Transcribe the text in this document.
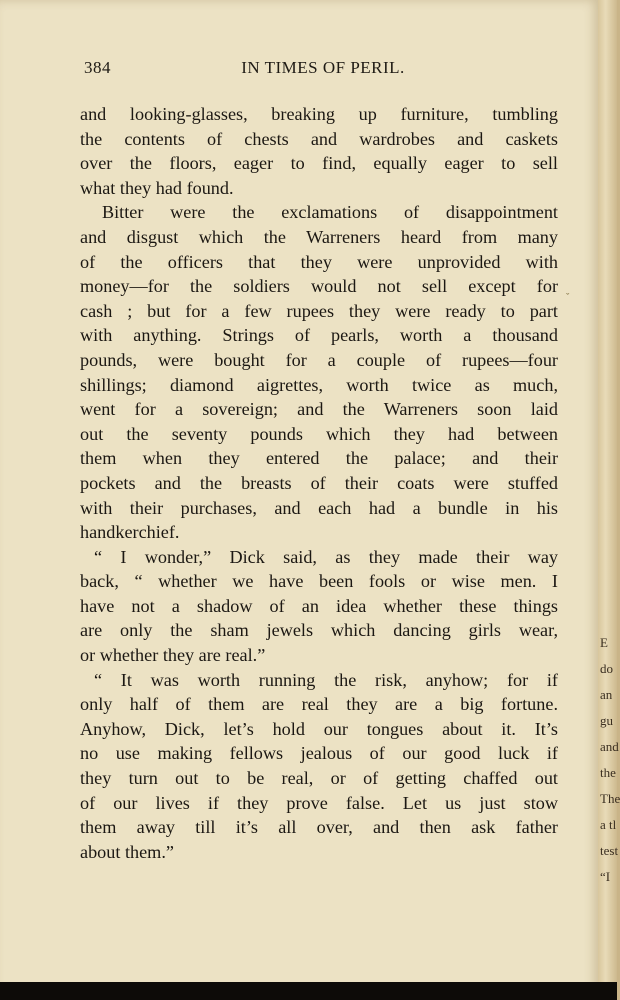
384	IN TIMES OF PERIL.
and looking-glasses, breaking up furniture, tumbling
the contents of chests and wardrobes and caskets
over the floors, eager to find, equally eager to sell
what they had found.
Bitter were the exclamations of disappointment
and disgust which the Warreners heard from many
of the officers that they were unprovided with
money—for the soldiers would not sell except for
cash ; but for a few rupees they were ready to part
with anything. Strings of pearls, worth a thousand
pounds, were bought for a couple of rupees—four
shillings; diamond aigrettes, worth twice as much,
went for a sovereign; and the Warreners soon laid
out the seventy pounds which they had between
them when they entered the palace; and their
pockets and the breasts of their coats were stuffed
with their purchases, and each had a bundle in his
handkerchief.
“ I wonder,” Dick said, as they made their way
back, “ whether we have been fools or wise men. I
have not a shadow of an idea whether these things
are only the sham jewels which dancing girls wear,
or whether they are real.”
“ It was worth running the risk, anyhow; for if
only half of them are real they are a big fortune.
Anyhow, Dick, let’s hold our tongues about it. It’s
no use making fellows jealous of our good luck if
they turn out to be real, or of getting chaffed out
of our lives if they prove false. Let us just stow
them away till it’s all over, and then ask father
about them.”
E
do
an
gu
and
the
The
a tl
test
“I
ˬ
